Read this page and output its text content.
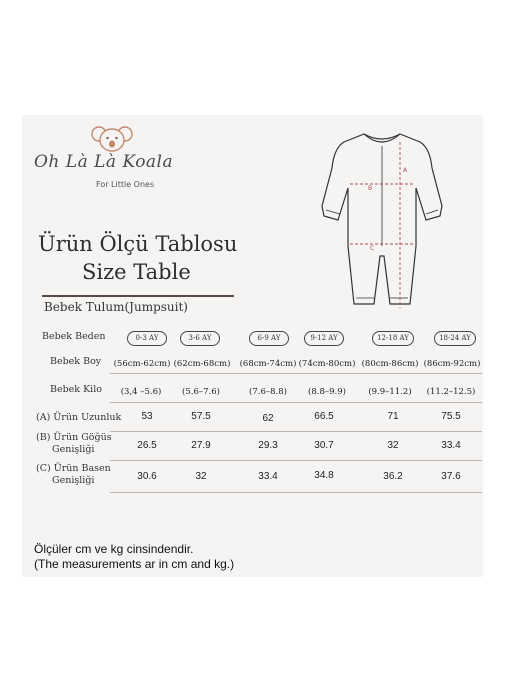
Oh Là Là Koala
For Little Ones
A
B
C
Ürün Ölçü Tablosu
Size Table
Bebek Tulum(Jumpsuit)
Bebek Beden	0-3 AY	3-6 AY	6-9 AY	9-12 AY	12-18 AY	18-24 AY
Bebek Boy	(56cm-62cm) (62cm-68cm)	(68cm-74cm) (74cm-80cm) (80cm-86cm) (86cm-92cm)
Bebek Kilo	(3,4 –5.6)	(5.6–7.6)	(7.6–8.8)	(8.8–9.9)	(9.9–11.2)	(11.2–12.5)
(A) Ürün Uzunluk	53	57.5	62	66.5	71	75.5
(B) Ürün Göğüs
Genişliği	26.5	27.9	29.3	30.7	32	33.4
(C) Ürün Basen
Genişliği	30.6	32	33.4	34.8	36.2	37.6
Ölçüler cm ve kg cinsindendir.
(The measurements ar in cm and kg.)
